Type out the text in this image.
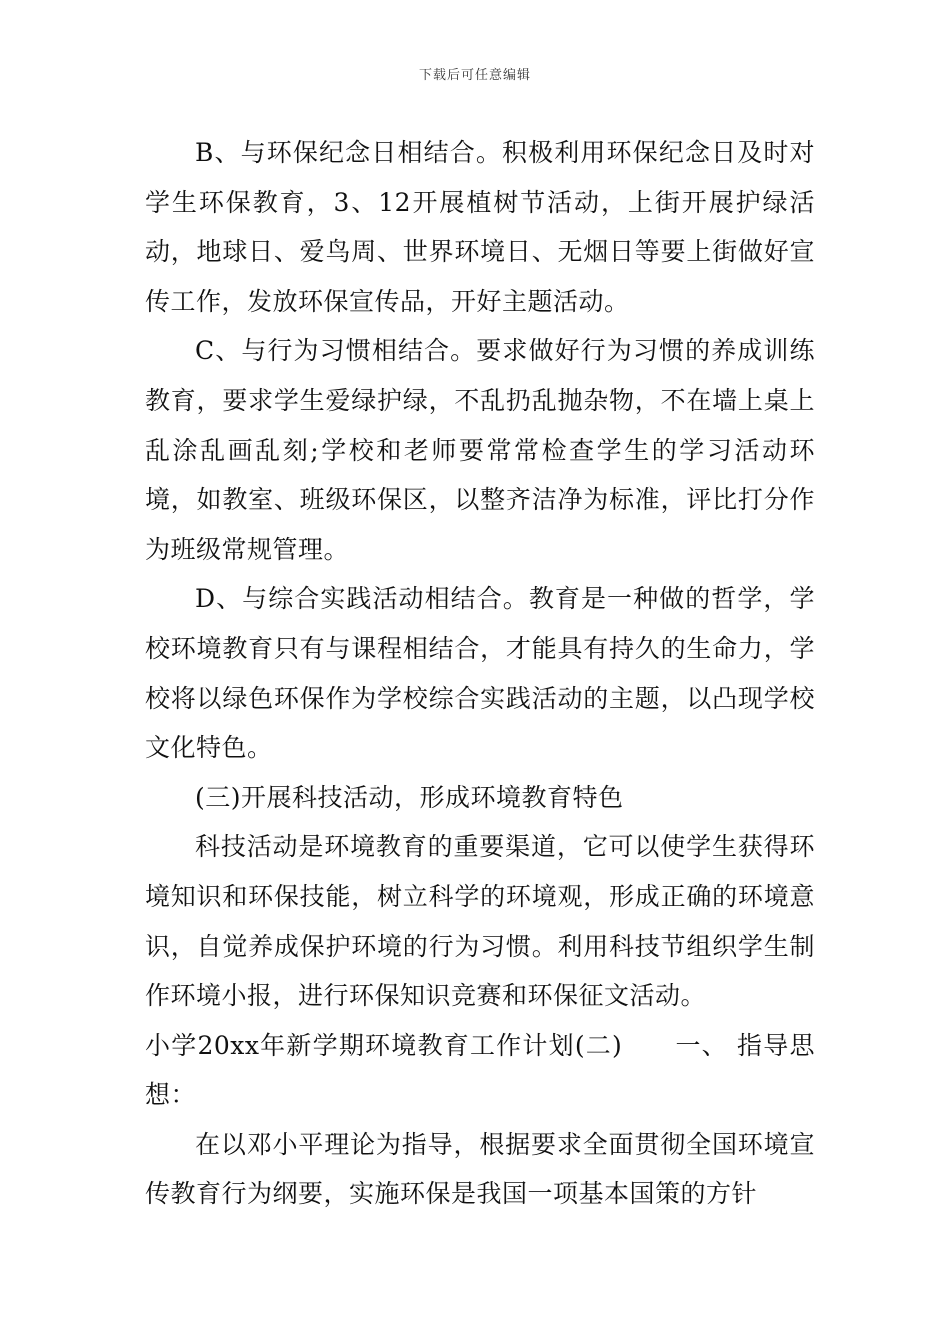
下载后可任意编辑

B、与环保纪念日相结合。积极利用环保纪念日及时对学生环保教育，3、12开展植树节活动，上街开展护绿活动，地球日、爱鸟周、世界环境日、无烟日等要上街做好宣传工作，发放环保宣传品，开好主题活动。

C、与行为习惯相结合。要求做好行为习惯的养成训练教育，要求学生爱绿护绿，不乱扔乱抛杂物，不在墙上桌上乱涂乱画乱刻;学校和老师要常常检查学生的学习活动环境，如教室、班级环保区，以整齐洁净为标准，评比打分作为班级常规管理。

D、与综合实践活动相结合。教育是一种做的哲学，学校环境教育只有与课程相结合，才能具有持久的生命力，学校将以绿色环保作为学校综合实践活动的主题，以凸现学校文化特色。

(三)开展科技活动，形成环境教育特色

科技活动是环境教育的重要渠道，它可以使学生获得环境知识和环保技能，树立科学的环境观，形成正确的环境意识，自觉养成保护环境的行为习惯。利用科技节组织学生制作环境小报，进行环保知识竞赛和环保征文活动。

小学20xx年新学期环境教育工作计划(二)　　一、 指导思想：

在以邓小平理论为指导，根据要求全面贯彻全国环境宣传教育行为纲要，实施环保是我国一项基本国策的方针
